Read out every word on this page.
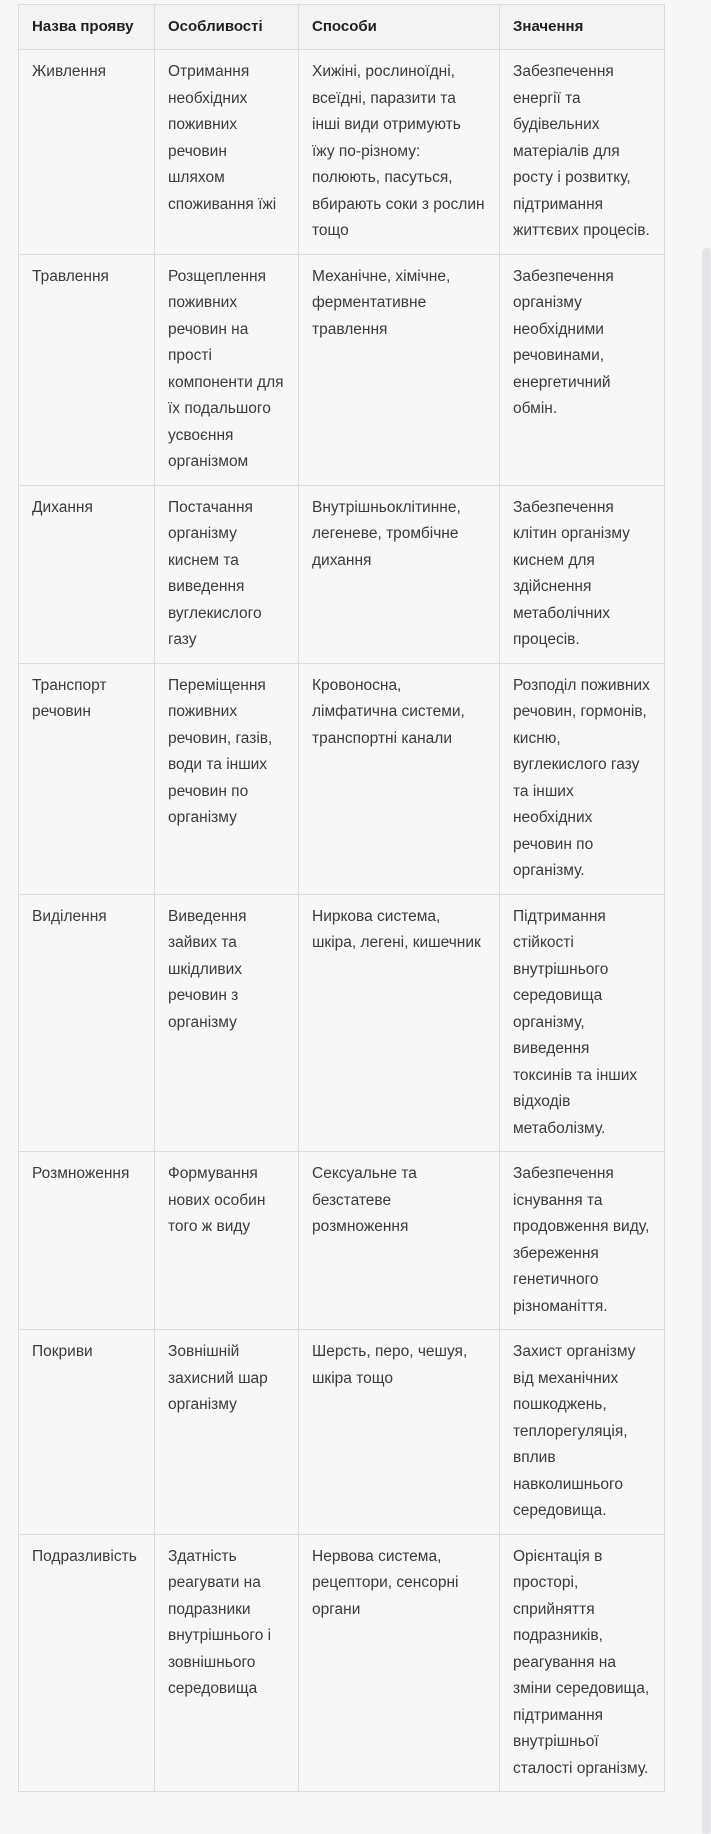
Назва прояву	Особливості	Способи	Значення
Живлення	Отримання необхідних поживних речовин шляхом споживання їжі	Хижіні, рослиноїдні, всеїдні, паразити та інші види отримують їжу по-різному: полюють, пасуться, вбирають соки з рослин тощо	Забезпечення енергії та будівельних матеріалів для росту і розвитку, підтримання життєвих процесів.
Травлення	Розщеплення поживних речовин на прості компоненти для їх подальшого усвоєння організмом	Механічне, хімічне, ферментативне травлення	Забезпечення організму необхідними речовинами, енергетичний обмін.
Дихання	Постачання організму киснем та виведення вуглекислого газу	Внутрішньоклітинне, легеневе, тромбічне дихання	Забезпечення клітин організму киснем для здійснення метаболічних процесів.
Транспорт речовин	Переміщення поживних речовин, газів, води та інших речовин по організму	Кровоносна, лімфатична системи, транспортні канали	Розподіл поживних речовин, гормонів, кисню, вуглекислого газу та інших необхідних речовин по організму.
Виділення	Виведення зайвих та шкідливих речовин з організму	Ниркова система, шкіра, легені, кишечник	Підтримання стійкості внутрішнього середовища організму, виведення токсинів та інших відходів метаболізму.
Розмноження	Формування нових особин того ж виду	Сексуальне та безстатеве розмноження	Забезпечення існування та продовження виду, збереження генетичного різноманіття.
Покриви	Зовнішній захисний шар організму	Шерсть, перо, чешуя, шкіра тощо	Захист організму від механічних пошкоджень, теплорегуляція, вплив навколишнього середовища.
Подразливість	Здатність реагувати на подразники внутрішнього і зовнішнього середовища	Нервова система, рецептори, сенсорні органи	Орієнтація в просторі, сприйняття подразників, реагування на зміни середовища, підтримання внутрішньої сталості організму.
